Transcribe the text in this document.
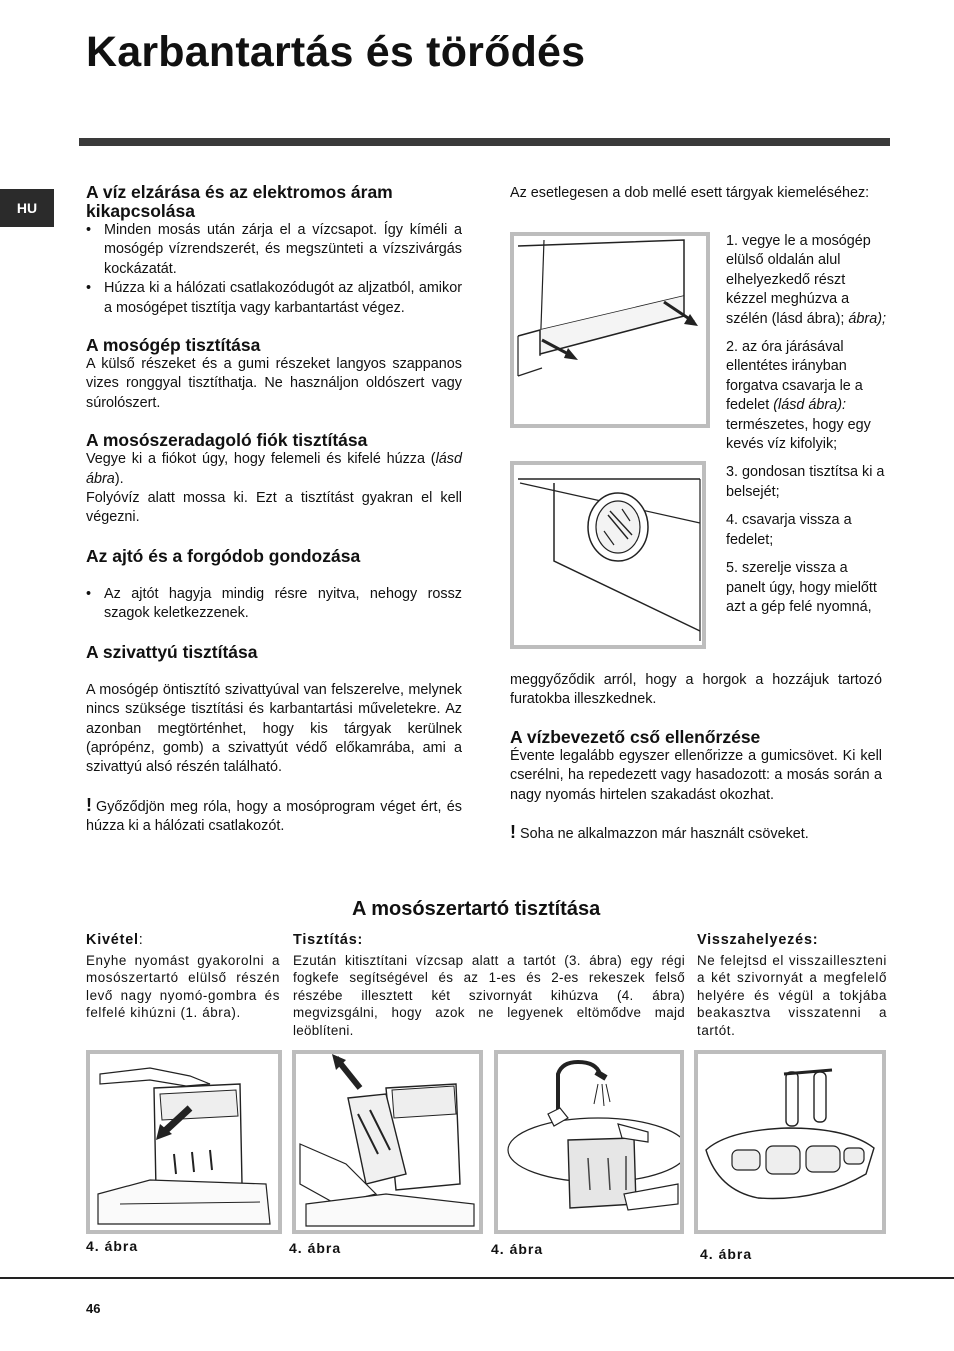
Karbantartás és törődés
HU
A víz elzárása és az elektromos áram kikapcsolása
• Minden mosás után zárja el a vízcsapot. Így kíméli a mosógép vízrendszerét, és megszünteti a vízszivárgás kockázatát.
• Húzza ki a hálózati csatlakozódugót az aljzatból, amikor a mosógépet tisztítja vagy karbantartást végez.
A mosógép tisztítása

A külső részeket és a gumi részeket langyos szappanos vizes ronggyal tisztíthatja. Ne használjon oldószert vagy súrolószert.

A mosószeradagoló fiók tisztítása

Vegye ki a fiókot úgy, hogy felemeli és kifelé húzza (lásd ábra).

Folyóvíz alatt mossa ki. Ezt a tisztítást gyakran el kell végezni.

Az ajtó és a forgódob gondozása
• Az ajtót hagyja mindig résre nyitva, nehogy rossz szagok keletkezzenek.
A szivattyú tisztítása

A mosógép öntisztító szivattyúval van felszerelve, melynek nincs szüksége tisztítási és karbantartási műveletekre. Az azonban megtörténhet, hogy kis tárgyak kerülnek (aprópénz, gomb) a szivattyút védő előkamrába, ami a szivattyú alsó részén található.

! Győződjön meg róla, hogy a mosóprogram véget ért, és húzza ki a hálózati csatlakozót.

Az esetlegesen a dob mellé esett tárgyak kiemeléséhez:

1. vegye le a mosógép elülső oldalán alul elhelyezkedő részt kézzel meghúzva a szélén (lásd ábra); ábra);

2. az óra járásával ellentétes irányban forgatva csavarja le a fedelet (lásd ábra): természetes, hogy egy kevés víz kifolyik;

3. gondosan tisztítsa ki a belsejét;

4. csavarja vissza a fedelet;

5. szerelje vissza a panelt úgy, hogy mielőtt azt a gép felé nyomná,

meggyőződik arról, hogy a horgok a hozzájuk tartozó furatokba illeszkednek.

A vízbevezető cső ellenőrzése

Évente legalább egyszer ellenőrizze a gumicsövet. Ki kell cserélni, ha repedezett vagy hasadozott: a mosás során a nagy nyomás hirtelen szakadást okozhat.

! Soha ne alkalmazzon már használt csöveket.

A mosószertartó tisztítása
Kivétel:

Enyhe nyomást gyakorolni a mosószertartó elülső részén levő nagy nyomó-gombra és felfelé kihúzni (1. ábra).

Tisztítás:

Ezután kitisztítani vízcsap alatt a tartót (3. ábra) egy régi fogkefe segítségével és az 1-es és 2-es rekeszek felső részébe illesztett két szivornyát kihúzva (4. ábra) megvizsgálni, hogy azok ne legyenek eltömődve majd leöblíteni.

Visszahelyezés:

Ne felejtsd el visszailleszteni a két szivornyát a megfelelő helyére és végül a tokjába beakasztva visszatenni a tartót.

4. ábra	4. ábra	4. ábra	4. ábra
46
